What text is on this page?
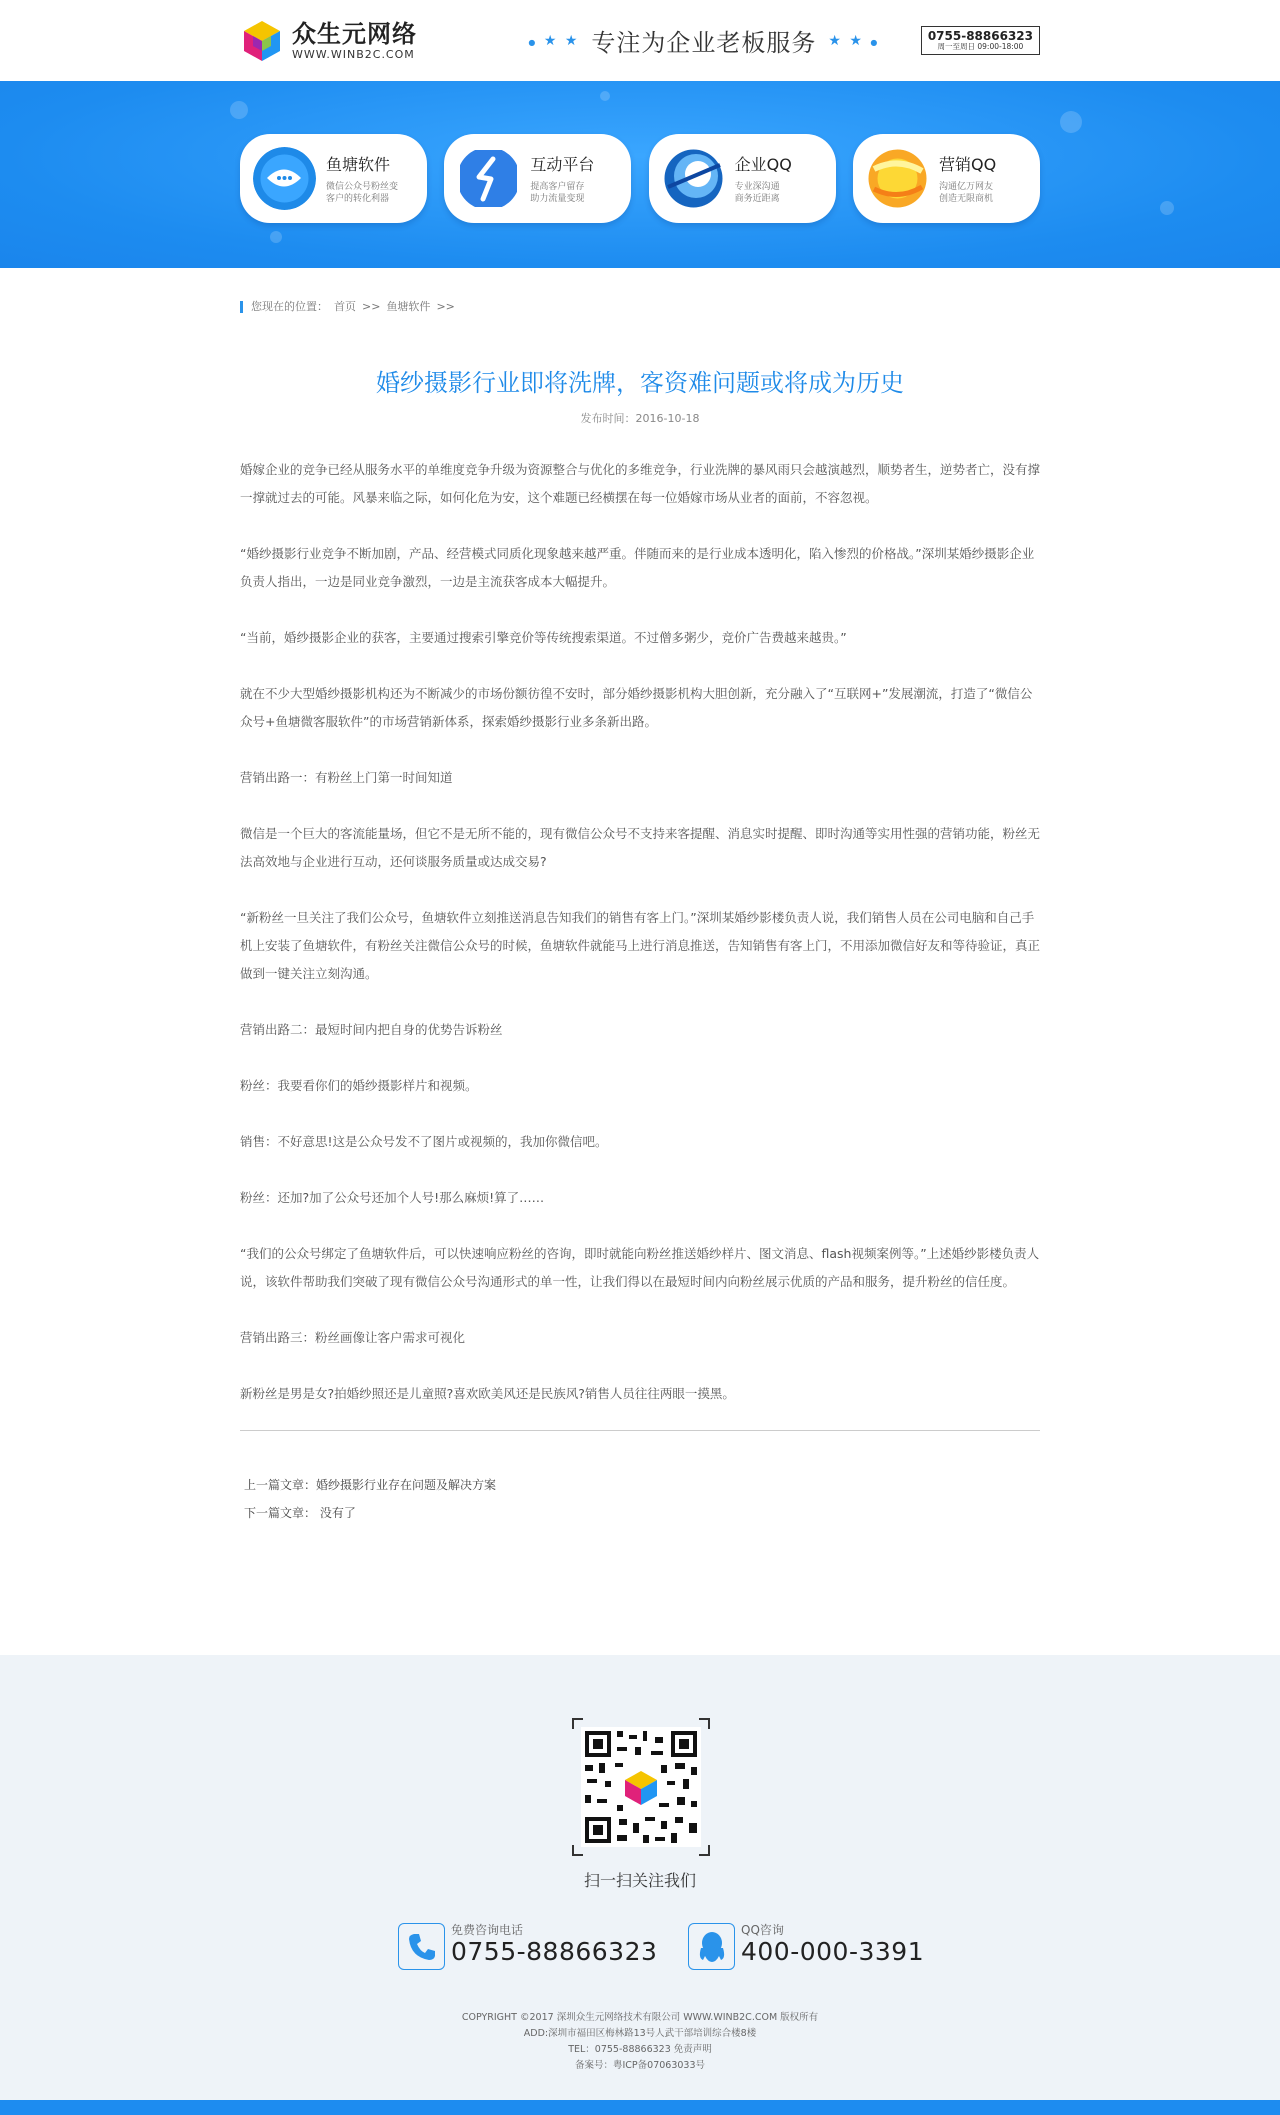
众生元网络
WWW.WINB2C.COM
● ★ ★ 专注为企业老板服务 ★ ★ ●	0755-88866323
周一至周日 09:00-18:00
鱼塘软件
微信公众号粉丝变
客户的转化利器
互动平台
提高客户留存
助力流量变现
企业QQ
专业深沟通
商务近距离
营销QQ
沟通亿万网友
创造无限商机
您现在的位置： 首页 >> 鱼塘软件 >>
婚纱摄影行业即将洗牌，客资难问题或将成为历史
发布时间：2016-10-18

婚嫁企业的竞争已经从服务水平的单维度竞争升级为资源整合与优化的多维竞争，行业洗牌的暴风雨只会越演越烈，顺势者生，逆势者亡，没有撑一撑就过去的可能。风暴来临之际，如何化危为安，这个难题已经横摆在每一位婚嫁市场从业者的面前，不容忽视。

“婚纱摄影行业竞争不断加剧，产品、经营模式同质化现象越来越严重。伴随而来的是行业成本透明化，陷入惨烈的价格战。”深圳某婚纱摄影企业负责人指出，一边是同业竞争激烈，一边是主流获客成本大幅提升。

“当前，婚纱摄影企业的获客，主要通过搜索引擎竞价等传统搜索渠道。不过僧多粥少，竞价广告费越来越贵。”

就在不少大型婚纱摄影机构还为不断减少的市场份额彷徨不安时，部分婚纱摄影机构大胆创新，充分融入了“互联网+”发展潮流，打造了“微信公众号+鱼塘微客服软件”的市场营销新体系，探索婚纱摄影行业多条新出路。

营销出路一：有粉丝上门第一时间知道

微信是一个巨大的客流能量场，但它不是无所不能的，现有微信公众号不支持来客提醒、消息实时提醒、即时沟通等实用性强的营销功能，粉丝无法高效地与企业进行互动，还何谈服务质量或达成交易?

“新粉丝一旦关注了我们公众号，鱼塘软件立刻推送消息告知我们的销售有客上门。”深圳某婚纱影楼负责人说，我们销售人员在公司电脑和自己手机上安装了鱼塘软件，有粉丝关注微信公众号的时候，鱼塘软件就能马上进行消息推送，告知销售有客上门，不用添加微信好友和等待验证，真正做到一键关注立刻沟通。

营销出路二：最短时间内把自身的优势告诉粉丝

粉丝：我要看你们的婚纱摄影样片和视频。

销售：不好意思!这是公众号发不了图片或视频的，我加你微信吧。

粉丝：还加?加了公众号还加个人号!那么麻烦!算了……

“我们的公众号绑定了鱼塘软件后，可以快速响应粉丝的咨询，即时就能向粉丝推送婚纱样片、图文消息、flash视频案例等。”上述婚纱影楼负责人说，该软件帮助我们突破了现有微信公众号沟通形式的单一性，让我们得以在最短时间内向粉丝展示优质的产品和服务，提升粉丝的信任度。

营销出路三：粉丝画像让客户需求可视化

新粉丝是男是女?拍婚纱照还是儿童照?喜欢欧美风还是民族风?销售人员往往两眼一摸黑。

上一篇文章：婚纱摄影行业存在问题及解决方案
下一篇文章： 没有了
扫一扫关注我们
免费咨询电话
0755-88866323
QQ咨询
400-000-3391
COPYRIGHT ©2017 深圳众生元网络技术有限公司 WWW.WINB2C.COM 版权所有
ADD:深圳市福田区梅林路13号人武干部培训综合楼8楼
TEL：0755-88866323 免责声明
备案号：粤ICP备07063033号
